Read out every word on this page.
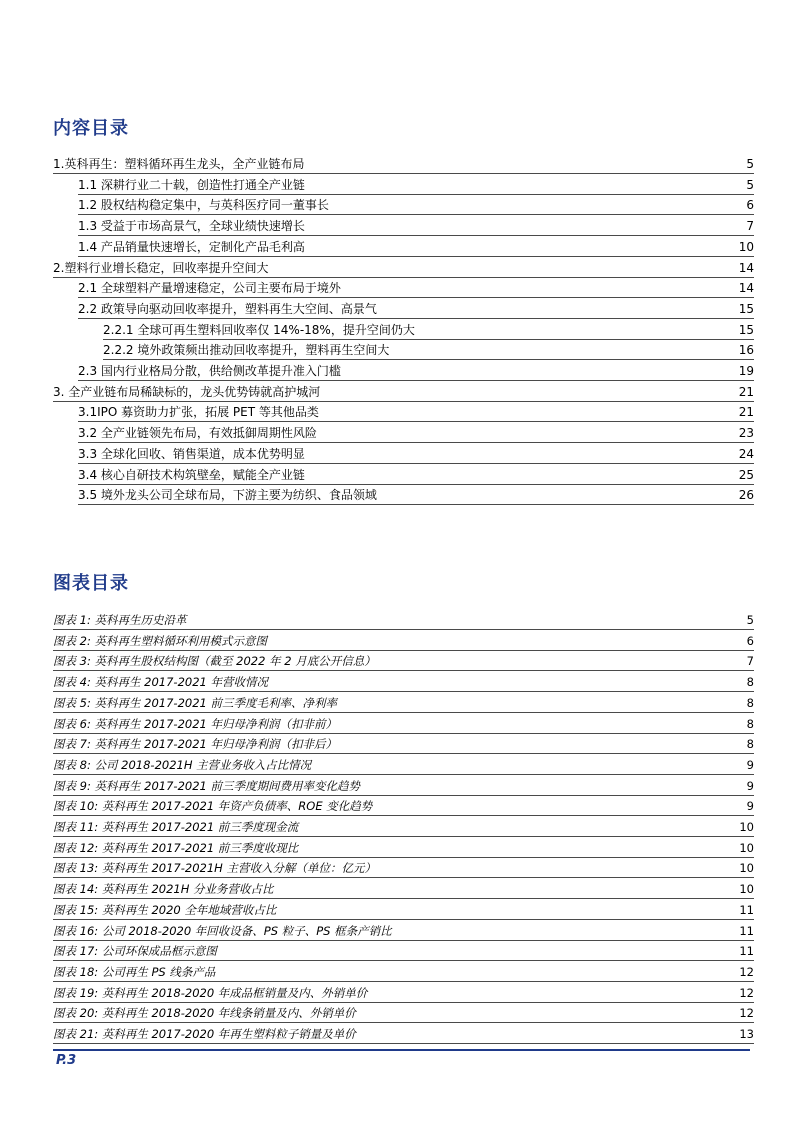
内容目录
1.英科再生：塑料循环再生龙头，全产业链布局	5
1.1 深耕行业二十载，创造性打通全产业链	5
1.2 股权结构稳定集中，与英科医疗同一董事长	6
1.3 受益于市场高景气，全球业绩快速增长	7
1.4 产品销量快速增长，定制化产品毛利高	10
2.塑料行业增长稳定，回收率提升空间大	14
2.1 全球塑料产量增速稳定，公司主要布局于境外	14
2.2 政策导向驱动回收率提升，塑料再生大空间、高景气	15
2.2.1 全球可再生塑料回收率仅 14%-18%，提升空间仍大	15
2.2.2 境外政策频出推动回收率提升，塑料再生空间大	16
2.3 国内行业格局分散，供给侧改革提升准入门槛	19
3. 全产业链布局稀缺标的，龙头优势铸就高护城河	21
3.1IPO 募资助力扩张，拓展 PET 等其他品类	21
3.2 全产业链领先布局，有效抵御周期性风险	23
3.3 全球化回收、销售渠道，成本优势明显	24
3.4 核心自研技术构筑壁垒，赋能全产业链	25
3.5 境外龙头公司全球布局，下游主要为纺织、食品领域	26
图表目录
图表 1: 英科再生历史沿革	5
图表 2: 英科再生塑料循环利用模式示意图	6
图表 3: 英科再生股权结构图（截至 2022 年 2 月底公开信息）	7
图表 4: 英科再生 2017-2021 年营收情况	8
图表 5: 英科再生 2017-2021 前三季度毛利率、净利率	8
图表 6: 英科再生 2017-2021 年归母净利润（扣非前）	8
图表 7: 英科再生 2017-2021 年归母净利润（扣非后）	8
图表 8: 公司 2018-2021H 主营业务收入占比情况	9
图表 9: 英科再生 2017-2021 前三季度期间费用率变化趋势	9
图表 10: 英科再生 2017-2021 年资产负债率、ROE 变化趋势	9
图表 11: 英科再生 2017-2021 前三季度现金流	10
图表 12: 英科再生 2017-2021 前三季度收现比	10
图表 13: 英科再生 2017-2021H 主营收入分解（单位：亿元）	10
图表 14: 英科再生 2021H 分业务营收占比	10
图表 15: 英科再生 2020 全年地域营收占比	11
图表 16: 公司 2018-2020 年回收设备、PS 粒子、PS 框条产销比	11
图表 17: 公司环保成品框示意图	11
图表 18: 公司再生 PS 线条产品	12
图表 19: 英科再生 2018-2020 年成品框销量及内、外销单价	12
图表 20: 英科再生 2018-2020 年线条销量及内、外销单价	12
图表 21: 英科再生 2017-2020 年再生塑料粒子销量及单价	13
P.3
